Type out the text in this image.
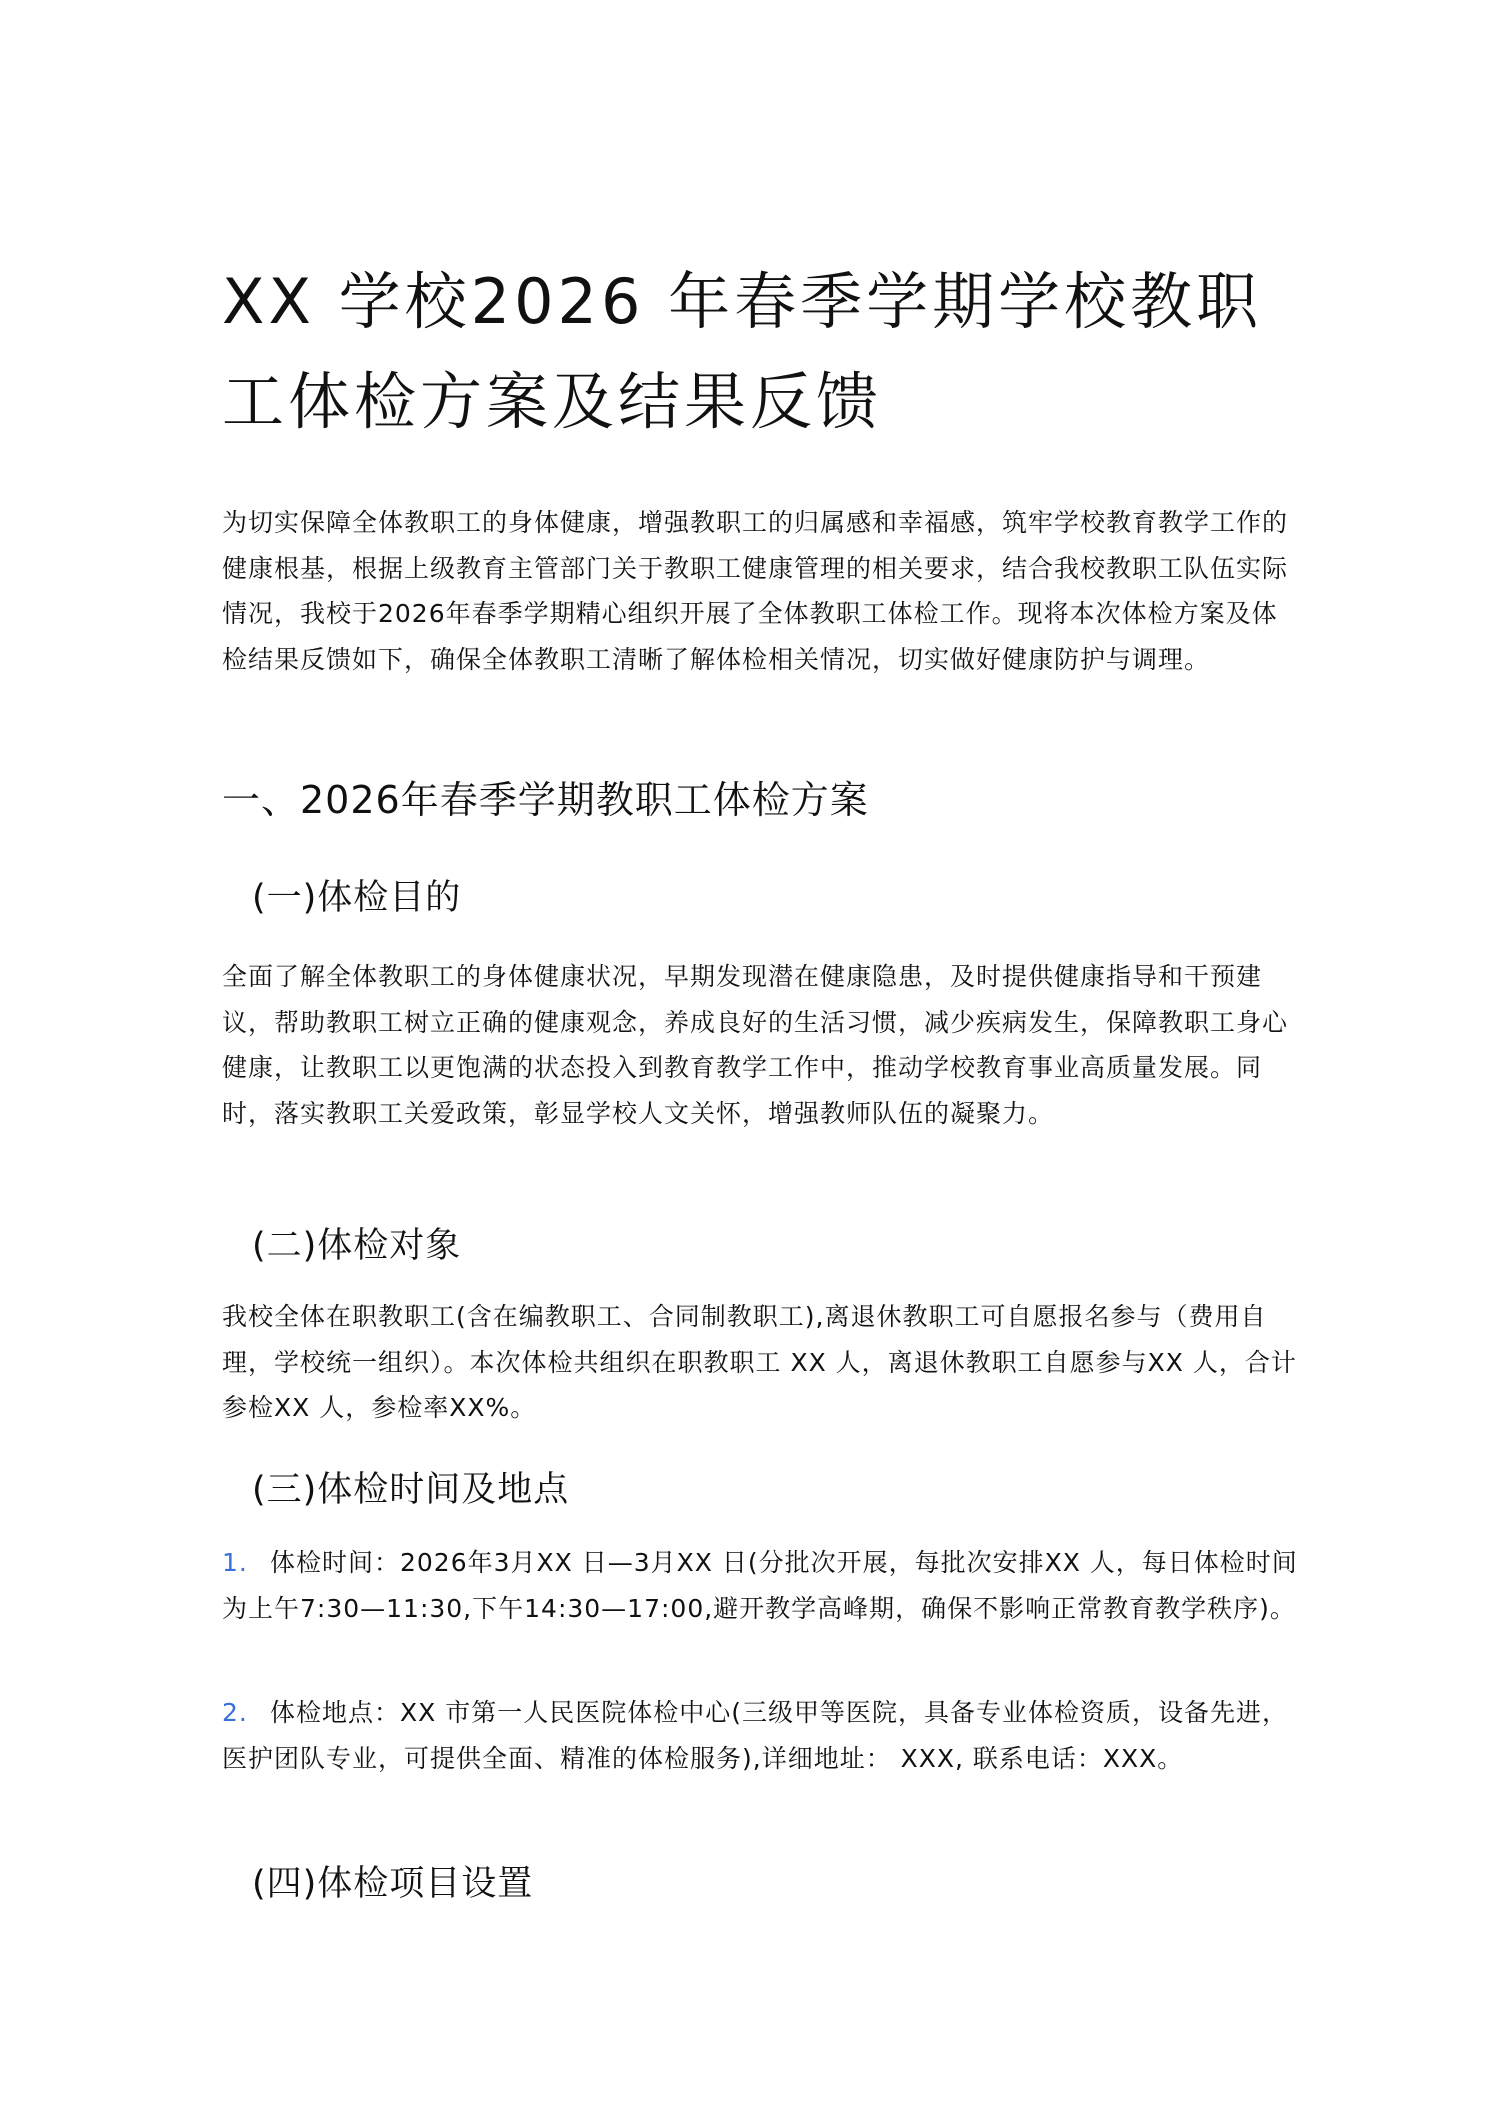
XX 学校2026 年春季学期学校教职工体检方案及结果反馈

为切实保障全体教职工的身体健康，增强教职工的归属感和幸福感，筑牢学校教育教学工作的健康根基，根据上级教育主管部门关于教职工健康管理的相关要求，结合我校教职工队伍实际情况，我校于2026年春季学期精心组织开展了全体教职工体检工作。现将本次体检方案及体检结果反馈如下，确保全体教职工清晰了解体检相关情况，切实做好健康防护与调理。

一、2026年春季学期教职工体检方案
(一)体检目的

全面了解全体教职工的身体健康状况，早期发现潜在健康隐患，及时提供健康指导和干预建议，帮助教职工树立正确的健康观念，养成良好的生活习惯，减少疾病发生，保障教职工身心健康，让教职工以更饱满的状态投入到教育教学工作中，推动学校教育事业高质量发展。同时，落实教职工关爱政策，彰显学校人文关怀，增强教师队伍的凝聚力。

(二)体检对象

我校全体在职教职工(含在编教职工、合同制教职工),离退休教职工可自愿报名参与（费用自理，学校统一组织）。本次体检共组织在职教职工 XX 人，离退休教职工自愿参与XX 人，合计参检XX 人，参检率XX%。

(三)体检时间及地点

1. 体检时间：2026年3月XX 日—3月XX 日(分批次开展，每批次安排XX 人，每日体检时间为上午7:30—11:30,下午14:30—17:00,避开教学高峰期，确保不影响正常教育教学秩序)。

2. 体检地点：XX 市第一人民医院体检中心(三级甲等医院，具备专业体检资质，设备先进，医护团队专业，可提供全面、精准的体检服务),详细地址： XXX, 联系电话：XXX。

(四)体检项目设置
